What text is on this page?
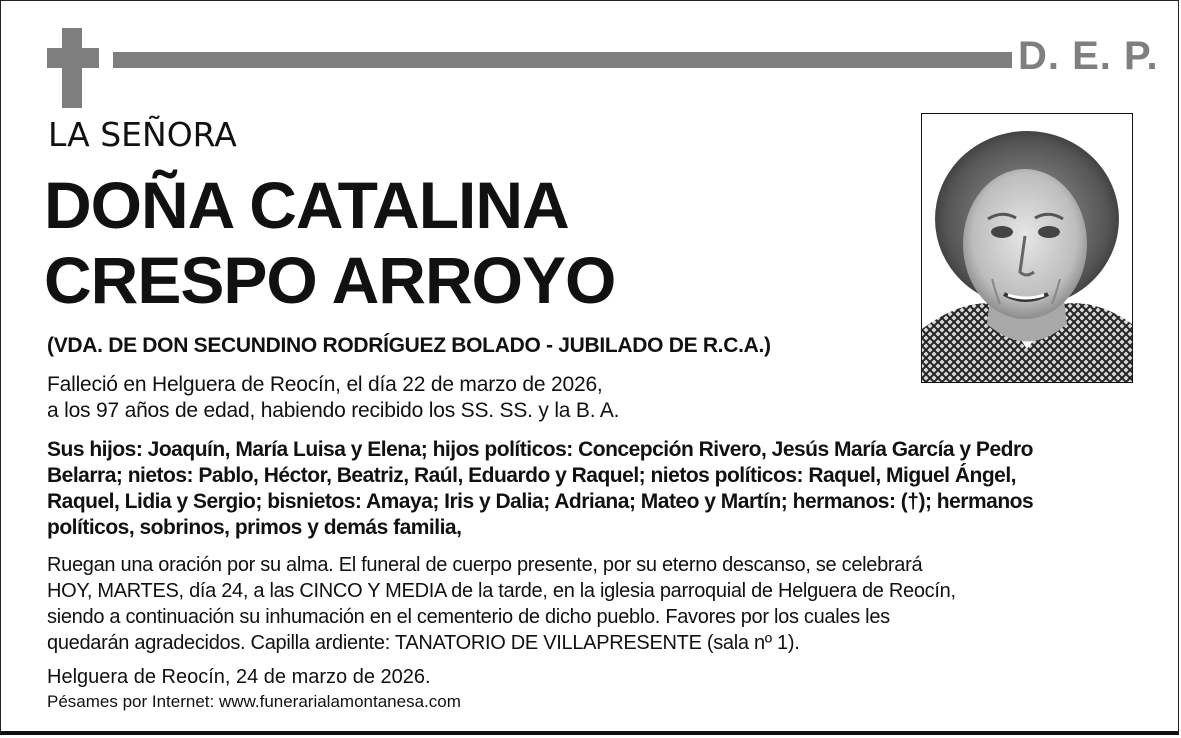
D. E. P.
LA SEÑORA
DOÑA CATALINA
CRESPO ARROYO
(VDA. DE DON SECUNDINO RODRÍGUEZ BOLADO - JUBILADO DE R.C.A.)
Falleció en Helguera de Reocín, el día 22 de marzo de 2026,
a los 97 años de edad, habiendo recibido los SS. SS. y la B. A.
Sus hijos: Joaquín, María Luisa y Elena; hijos políticos: Concepción Rivero, Jesús María García y Pedro
Belarra; nietos: Pablo, Héctor, Beatriz, Raúl, Eduardo y Raquel; nietos políticos: Raquel, Miguel Ángel,
Raquel, Lidia y Sergio; bisnietos: Amaya; Iris y Dalia; Adriana; Mateo y Martín; hermanos: (†); hermanos
políticos, sobrinos, primos y demás familia,
Ruegan una oración por su alma. El funeral de cuerpo presente, por su eterno descanso, se celebrará
HOY, MARTES, día 24, a las CINCO Y MEDIA de la tarde, en la iglesia parroquial de Helguera de Reocín,
siendo a continuación su inhumación en el cementerio de dicho pueblo. Favores por los cuales les
quedarán agradecidos. Capilla ardiente: TANATORIO DE VILLAPRESENTE (sala nº 1).
Helguera de Reocín, 24 de marzo de 2026.
Pésames por Internet: www.funerarialamontanesa.com
